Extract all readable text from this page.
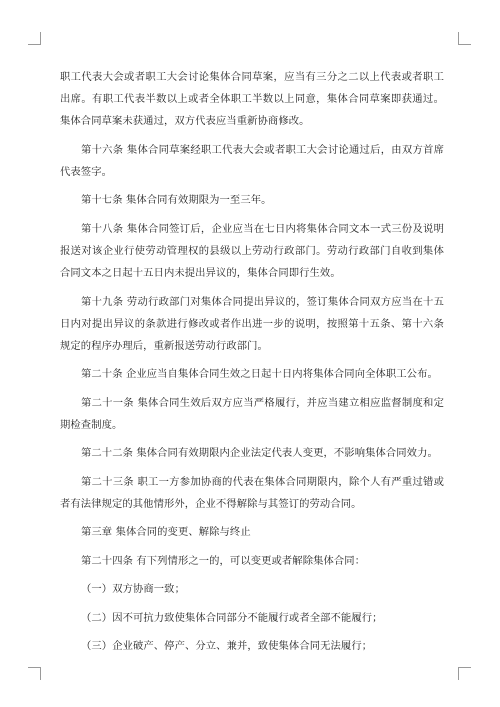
职工代表大会或者职工大会讨论集体合同草案，应当有三分之二以上代表或者职工出席。有职工代表半数以上或者全体职工半数以上同意，集体合同草案即获通过。集体合同草案未获通过，双方代表应当重新协商修改。

第十六条 集体合同草案经职工代表大会或者职工大会讨论通过后，由双方首席代表签字。

第十七条 集体合同有效期限为一至三年。

第十八条 集体合同签订后，企业应当在七日内将集体合同文本一式三份及说明报送对该企业行使劳动管理权的县级以上劳动行政部门。劳动行政部门自收到集体合同文本之日起十五日内未提出异议的，集体合同即行生效。

第十九条 劳动行政部门对集体合同提出异议的，签订集体合同双方应当在十五日内对提出异议的条款进行修改或者作出进一步的说明，按照第十五条、第十六条规定的程序办理后，重新报送劳动行政部门。

第二十条 企业应当自集体合同生效之日起十日内将集体合同向全体职工公布。

第二十一条 集体合同生效后双方应当严格履行，并应当建立相应监督制度和定期检查制度。

第二十二条 集体合同有效期限内企业法定代表人变更，不影响集体合同效力。

第二十三条 职工一方参加协商的代表在集体合同期限内，除个人有严重过错或者有法律规定的其他情形外，企业不得解除与其签订的劳动合同。

第三章 集体合同的变更、解除与终止

第二十四条 有下列情形之一的，可以变更或者解除集体合同：

（一）双方协商一致；

（二）因不可抗力致使集体合同部分不能履行或者全部不能履行；

（三）企业破产、停产、分立、兼并，致使集体合同无法履行；
